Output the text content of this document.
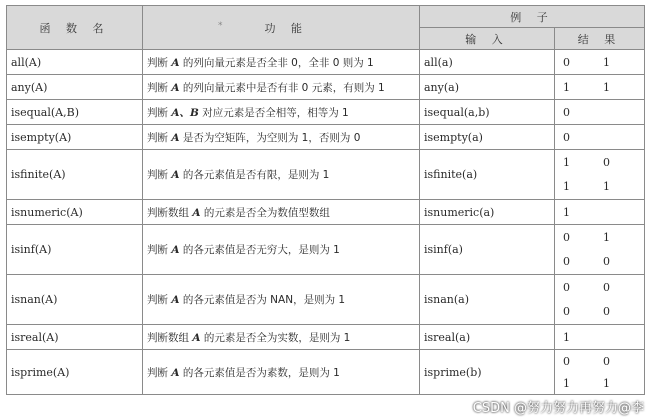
函 数 名	* 功 能	例 子	
		输 入	结 果
all(A)	判断 A 的列向量元素是否全非 0，全非 0 则为 1	all(a)	0 1

any(A)	判断 A 的列向量元素中是否有非 0 元素，有则为 1	any(a)	1 1

isequal(A,B)	判断 A、B 对应元素是否全相等，相等为 1	isequal(a,b)	0

isempty(A)	判断 A 是否为空矩阵，为空则为 1，否则为 0	isempty(a)	0

isfinite(A)	判断 A 的各元素值是否有限，是则为 1	isfinite(a)	1 0
1 1

isnumeric(A)	判断数组 A 的元素是否全为数值型数组	isnumeric(a)	1

isinf(A)	判断 A 的各元素值是否无穷大，是则为 1	isinf(a)	0 1
0 0

isnan(A)	判断 A 的各元素值是否为 NAN，是则为 1	isnan(a)	0 0
0 0

isreal(A)	判断数组 A 的元素是否全为实数，是则为 1	isreal(a)	1

isprime(A)	判断 A 的各元素值是否为素数，是则为 1	isprime(b)	0 0
1 1
CSDN @努力努力再努力@李
